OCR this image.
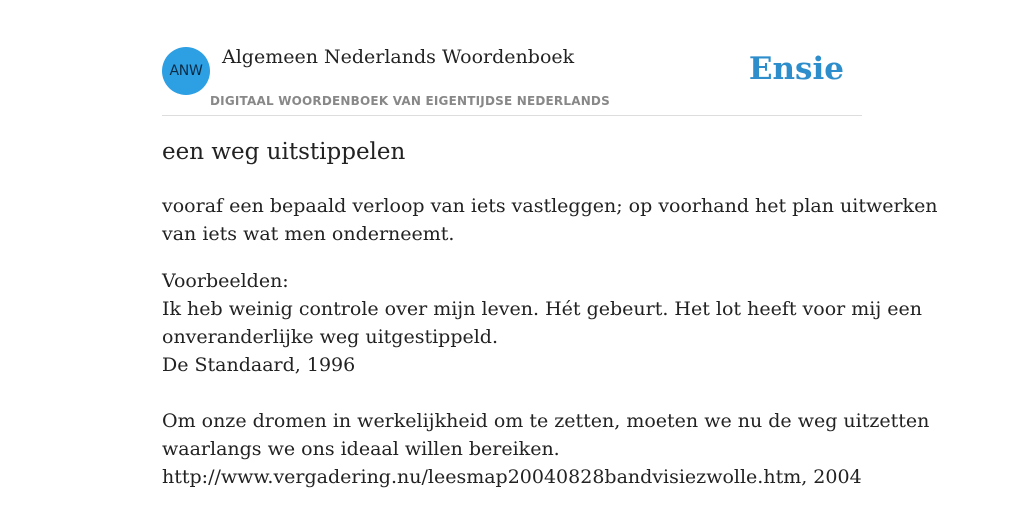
ANW
Algemeen Nederlands Woordenboek
DIGITAAL WOORDENBOEK VAN EIGENTIJDSE NEDERLANDS
Ensie
een weg uitstippelen
vooraf een bepaald verloop van iets vastleggen; op voorhand het plan uitwerken
van iets wat men onderneemt.
Voorbeelden:
Ik heb weinig controle over mijn leven. Hét gebeurt. Het lot heeft voor mij een
onveranderlijke weg uitgestippeld.
De Standaard, 1996
Om onze dromen in werkelijkheid om te zetten, moeten we nu de weg uitzetten
waarlangs we ons ideaal willen bereiken.
http://www.vergadering.nu/leesmap20040828bandvisiezwolle.htm, 2004
